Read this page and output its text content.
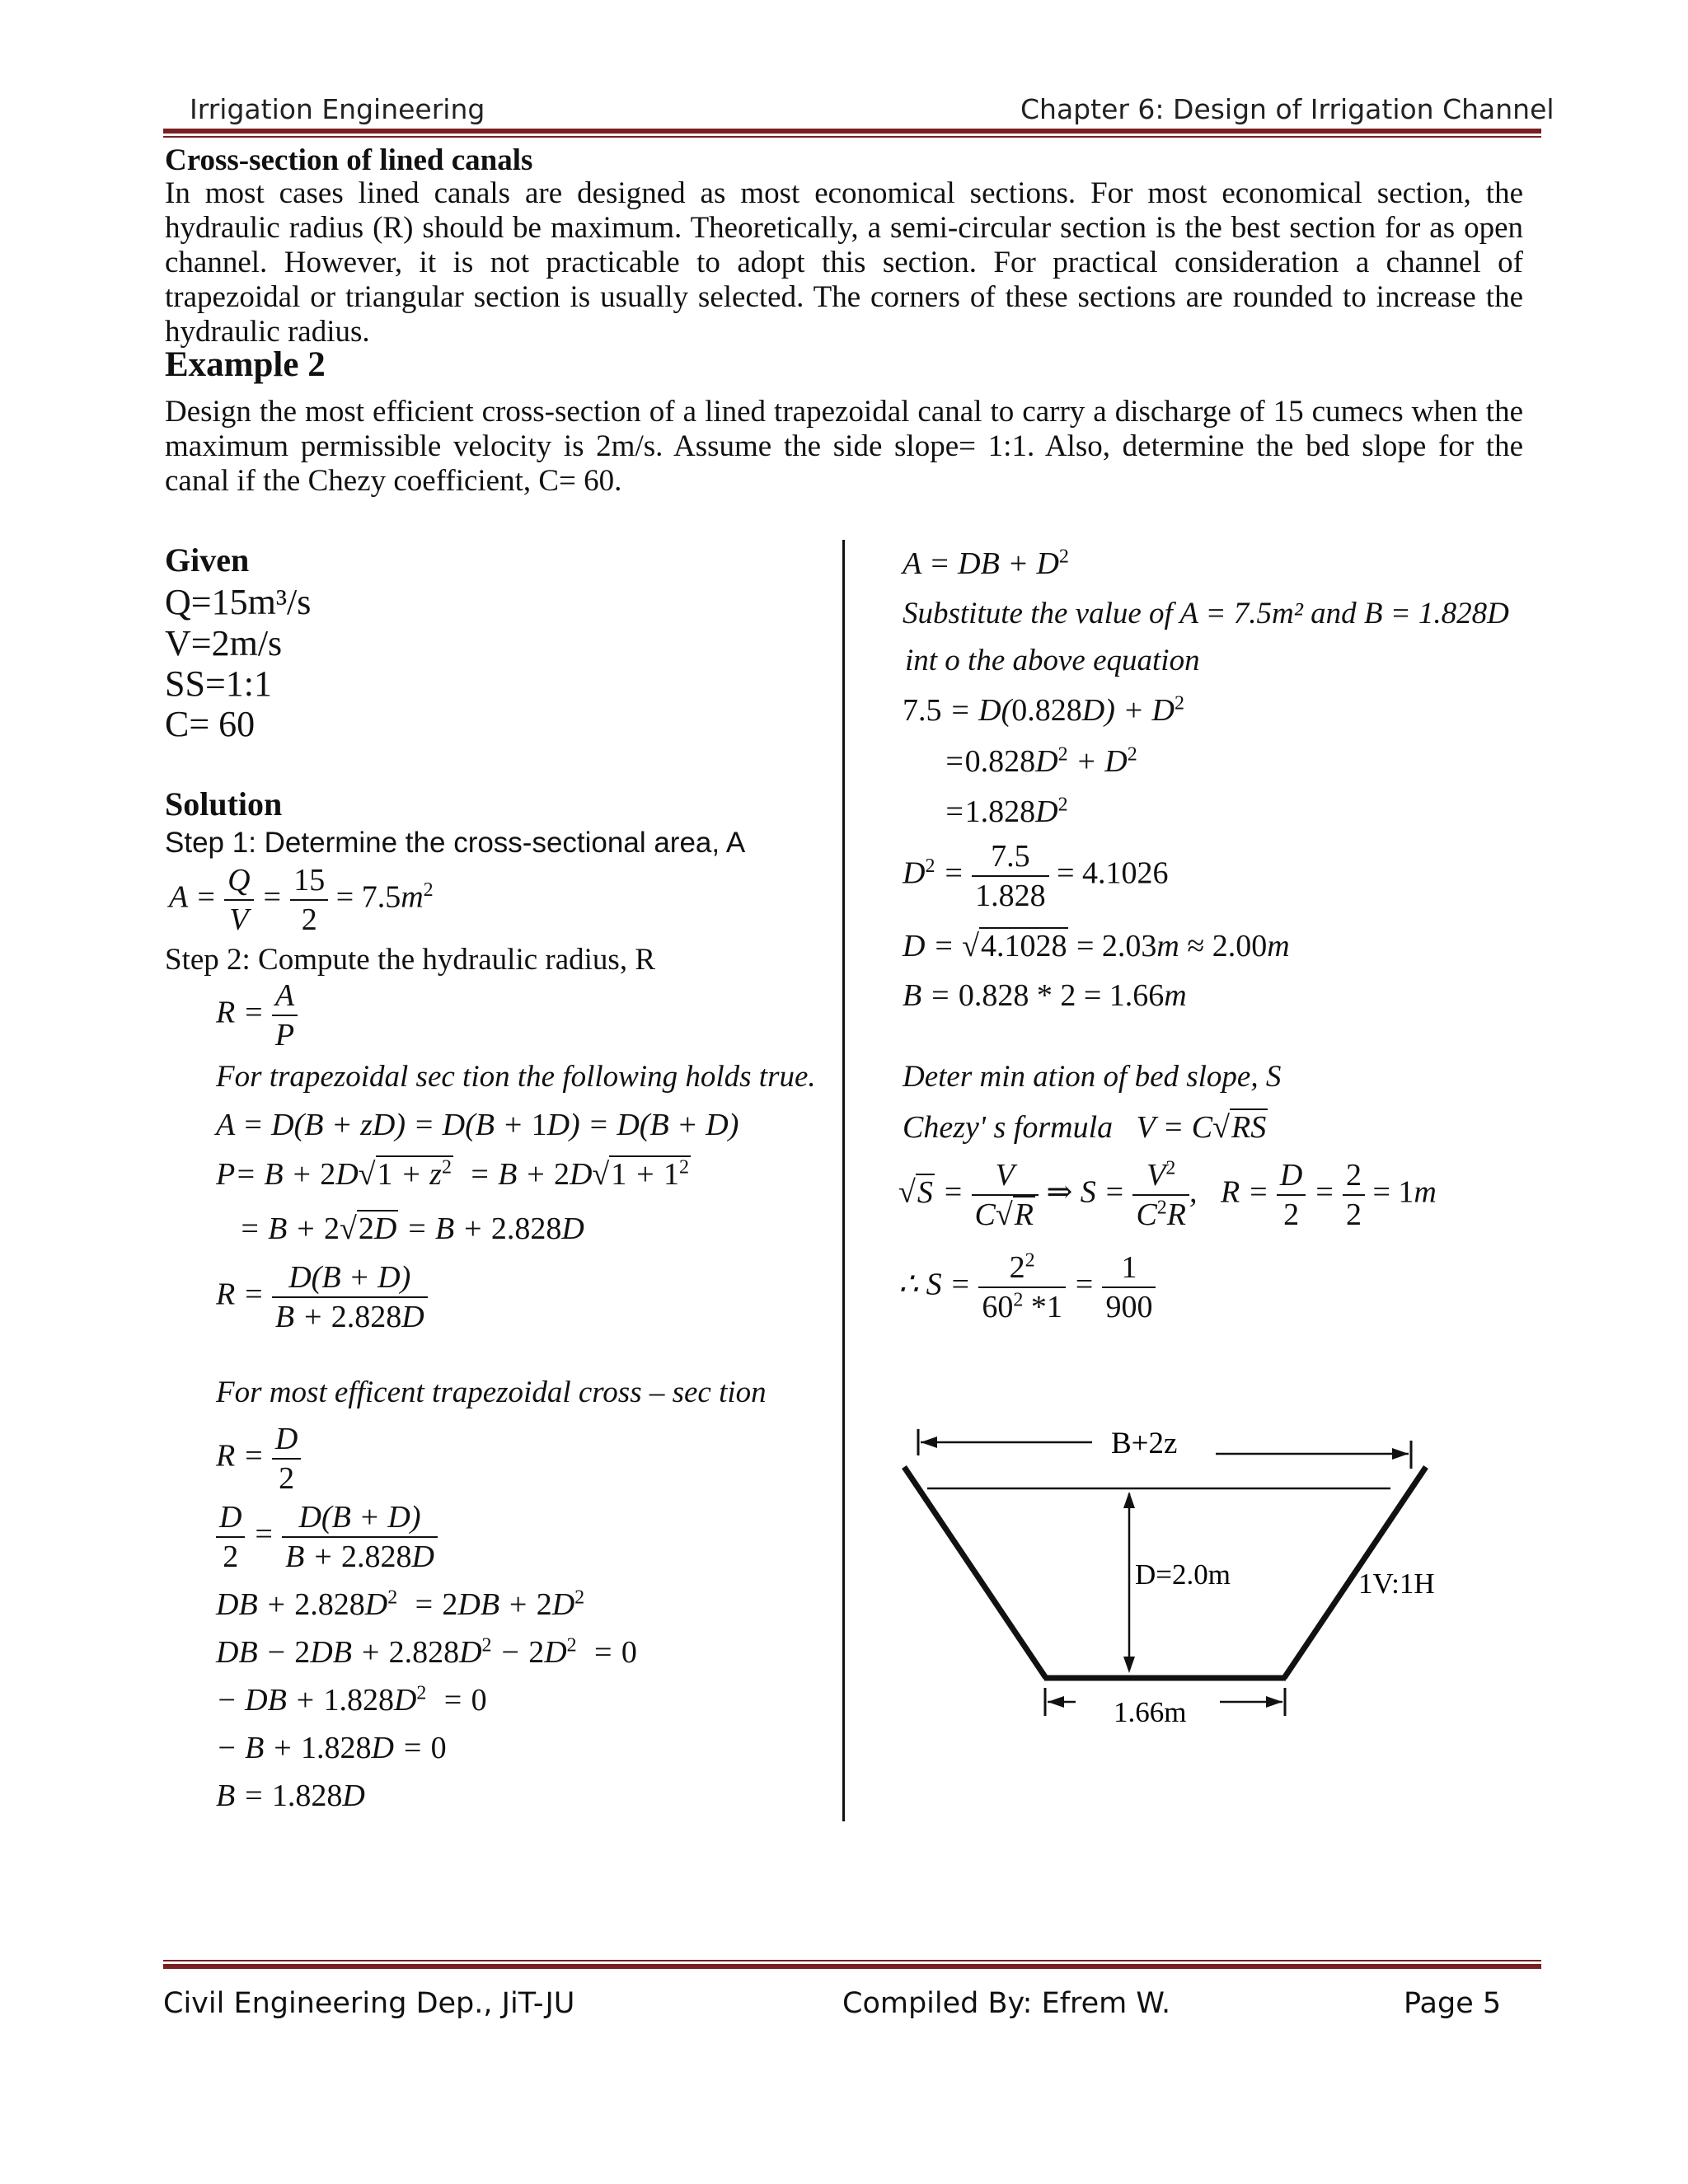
Irrigation Engineering	Chapter 6: Design of Irrigation Channel
Cross-section of lined canals
In most cases lined canals are designed as most economical sections. For most economical section, the hydraulic radius (R) should be maximum. Theoretically, a semi-circular section is the best section for as open channel. However, it is not practicable to adopt this section. For practical consideration a channel of trapezoidal or triangular section is usually selected. The corners of these sections are rounded to increase the hydraulic radius.
Example 2
Design the most efficient cross-section of a lined trapezoidal canal to carry a discharge of 15 cumecs when the maximum permissible velocity is 2m/s. Assume the side slope= 1:1. Also, determine the bed slope for the canal if the Chezy coefficient, C= 60.
Given
Q=15m³/s
V=2m/s
SS=1:1
C= 60
Solution
Step 1: Determine the cross-sectional area, A
$A = \frac{Q}{V} = \frac{15}{2} = 7.5m^2$
Step 2: Compute the hydraulic radius, R
$R = \frac{A}{P}$
For trapezoidal sec tion the following holds true.
A = D(B + zD) = D(B + 1D) = D(B + D)
$P= B + 2D√1 + z^2 = B + 2D√1 + 1^2$
= B + 2√2D = B + 2.828D
$R = \frac{D(B + D)}{B + 2.828D}$
For most efficent trapezoidal cross – sec tion
$R = \frac{D}{2}$
$\frac{D}{2} = \frac{D(B + D)}{B + 2.828D}$
DB + $2.828D^2 = 2DB + 2D^2$
DB − $2DB + 2.828D^2 - 2D^2 = 0$
− DB + $1.828D^2 = 0$
− B + 1.828D = 0
B = 1.828D
A = DB + $D^2$
Substitute the value of A = 7.5m² and B = 1.828D
int o the above equation
$7.5 = D(0.828D) + D^2$
$=0.828D^2 + D^2$
$=1.828D^2$
$D^2 = \frac{7.5}{1.828} = 4.1026$
D = √4.1028 = 2.03m ≈ 2.00m
B = 0.828 * 2 = 1.66m
Deter min ation of bed slope, S
Chezy' s formula   V = C√RS
$√S = \frac{V}{C√R}$ ⇒ $S = \frac{V^2}{C^2R}$ ,   $R = \frac{D}{2} = \frac{2}{2} = 1m$
∴ $S = \frac{2^2}{60^2 *1} = \frac{1}{900}$
B+2z
D=2.0m	1V:1H
1.66m
Civil Engineering Dep., JiT-JU	Compiled By: Efrem W.	Page 5
